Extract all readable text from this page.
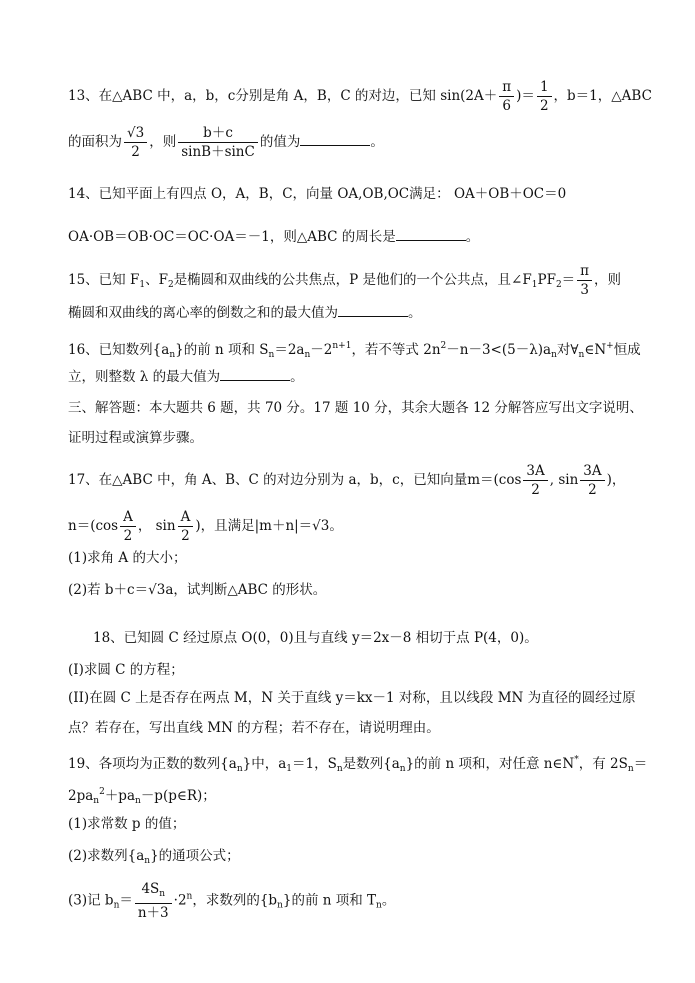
13、在△ABC 中，a，b，c分别是角 A，B，C 的对边，已知 $\sin(2A+ \frac{\pi}{6}$ )＝ $\frac{1}{2}$ ，b＝1，△ABC
的面积为 $\frac{√3}{2}$ ，则 $\frac{b+c}{\sin B+\sin C}$ 的值为	。
14、已知平面上有四点 O，A，B，C，向量 OA,OB,OC满足： OA＋OB＋OC＝0
OA·OB＝OB·OC＝OC·OA＝－1，则△ABC 的周长是	。
15、已知 $F_1$、$F_2$是椭圆和双曲线的公共焦点，P 是他们的一个公共点，且$\angle F_1PF_2= \frac{\pi}{3}$ ，则
椭圆和双曲线的离心率的倒数之和的最大值为	。
16、已知数列$\{a_n\}$的前 n 项和 $S_n=2a_n-2^{n+1}$，若不等式 $2n^2-n-3<(5-\lambda)a_n$对$\forall_n\in N^+$恒成
立，则整数 λ 的最大值为	。
三、解答题：本大题共 6 题，共 70 分。17 题 10 分，其余大题各 12 分解答应写出文字说明、
证明过程或演算步骤。
17、在△ABC 中，角 A、B、C 的对边分别为 a，b，c，已知向量$m=(\cos \frac{3A}{2}$ , $\sin \frac{3A}{2}$ )，
$n=(\cos \frac{A}{2}$ ， $\sin \frac{A}{2}$ )，且满足|m＋n|＝√3。
(1)求角 A 的大小；
(2)若 b＋c＝√3a，试判断△ABC 的形状。
18、已知圆 C 经过原点 O(0，0)且与直线 y＝2x－8 相切于点 P(4，0)。
(I)求圆 C 的方程；
(II)在圆 C 上是否存在两点 M，N 关于直线 y＝kx－1 对称，且以线段 MN 为直径的圆经过原
点？若存在，写出直线 MN 的方程；若不存在，请说明理由。
19、各项均为正数的数列$\{a_n\}$中，$a_1=1$，$S_n$是数列$\{a_n\}$的前 n 项和，对任意 n∈N*，有 $2S_n=$
$2pa_n^2+pa_n-p(p\in R)$；
(1)求常数 p 的值；
(2)求数列$\{a_n\}$的通项公式；
(3)记 $b_n= \frac{4S_n}{n+3} \cdot 2^n$，求数列的$\{b_n\}$的前 n 项和 $T_n$。
